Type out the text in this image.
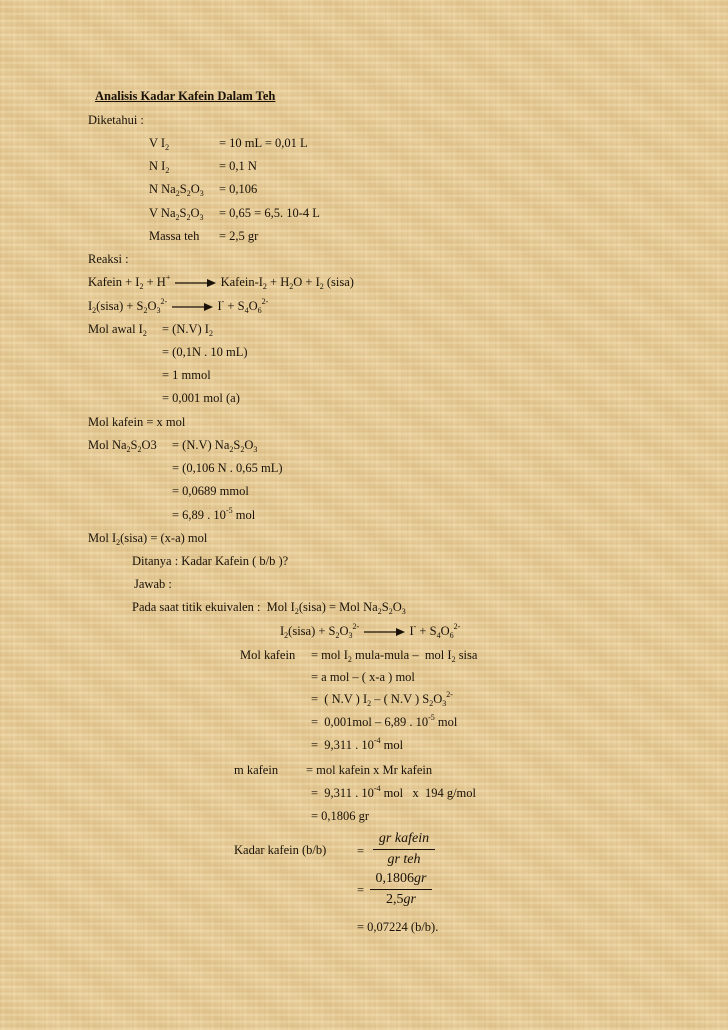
Analisis Kadar Kafein Dalam Teh
Diketahui :
V $I_2$	= 10 mL = 0,01 L
N $I_2$	= 0,1 N
N $Na_2S_2O_3 = 0,106$
V $Na_2S_2O_3 = 0,65 = 6,5$. 10-4 L
Massa teh = 2,5 gr
Reaksi :
Kafein + $I_2 + H^+$ → Kafein-$I_2 + H_2O + I_2$ (sisa)
$I_2(sisa) + S_2O_3^{2-} \to I^- + S_4O_6^{2-}$
Mol awal $I_2 = (N.V)$ $I_2$
= (0,1N . 10 mL)
= 1 mmol
= 0,001 mol (a)
Mol kafein = x mol
Mol $Na_2S_2O3 = (N.V)$ $Na_2S_2O_3$
= (0,106 N . 0,65 mL)
= 0,0689 mmol
= 6,89 . $10^{-5}$ mol
Mol $I_2(sisa) = (x-a)$ mol
Ditanya : Kadar Kafein ( b/b )?
Jawab :
Pada saat titik ekuivalen :  Mol $I_2(sisa)$ = Mol $Na_2S_2O_3$
$I_2(sisa) + S_2O_3^{2-} \to I^- + S_4O_6^{2-}$
Mol kafein = mol $I_2$ mula-mula –  mol $I_2$ sisa
= a mol – ( x-a ) mol
=  ( N.V ) $I_2$ – ( N.V ) $S_2O_3^{2-}$
=  0,001mol – 6,89 . $10^{-5}$ mol
=  9,311 . $10^{-4}$ mol
m kafein = mol kafein x Mr kafein
=  9,311 . $10^{-4}$ mol   x  194 g/mol
= 0,1806 gr
Kadar kafein (b/b) =
gr kafein
gr teh
=
0,1806gr
2,5gr
= 0,07224 (b/b).
